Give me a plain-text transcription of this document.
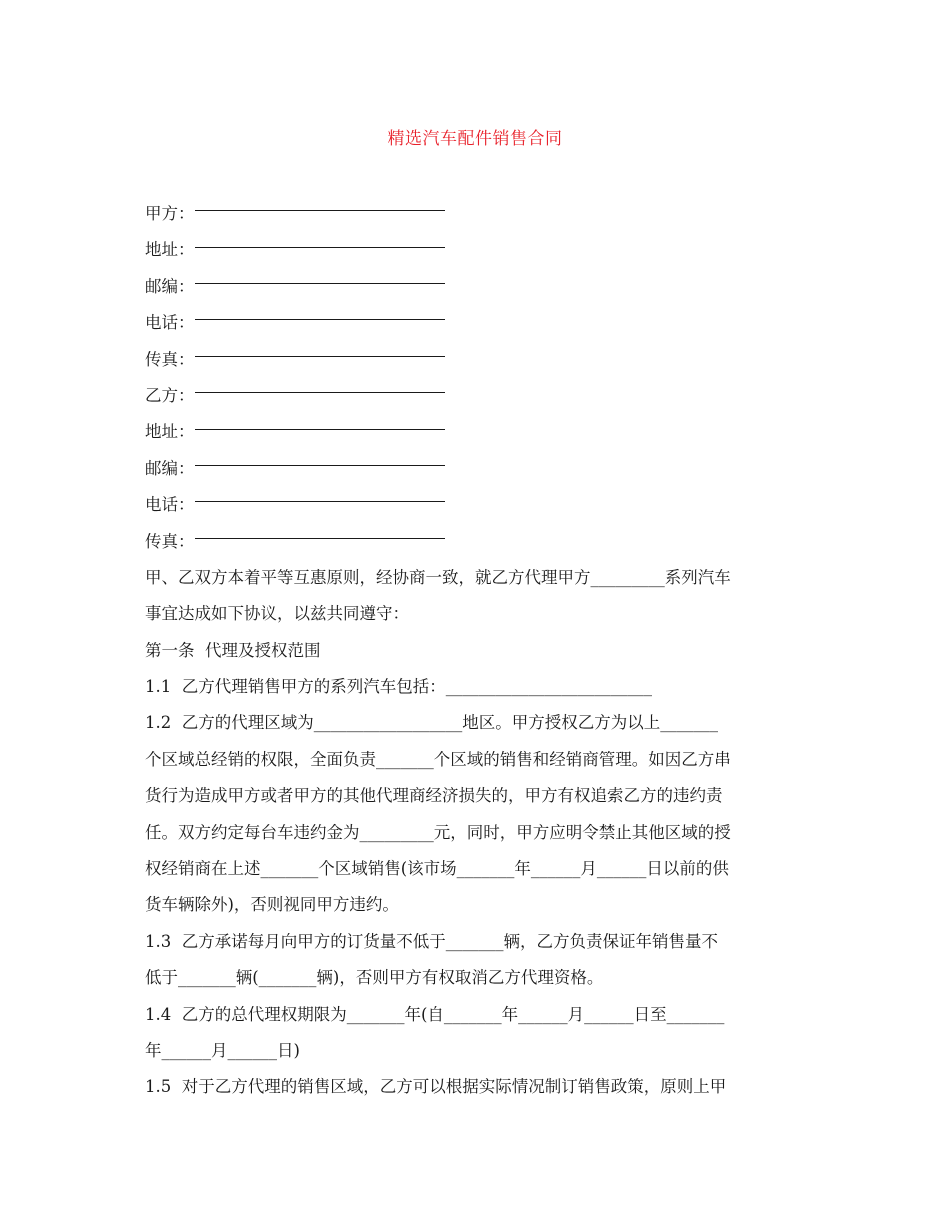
精选汽车配件销售合同
甲方：
地址：
邮编：
电话：
传真：
乙方：
地址：
邮编：
电话：
传真：
甲、乙双方本着平等互惠原则，经协商一致，就乙方代理甲方_________系列汽车
事宜达成如下协议，以兹共同遵守：
第一条  代理及授权范围
1.1  乙方代理销售甲方的系列汽车包括：_________________________
1.2  乙方的代理区域为__________________地区。甲方授权乙方为以上_______
个区域总经销的权限，全面负责_______个区域的销售和经销商管理。如因乙方串
货行为造成甲方或者甲方的其他代理商经济损失的，甲方有权追索乙方的违约责
任。双方约定每台车违约金为_________元，同时，甲方应明令禁止其他区域的授
权经销商在上述_______个区域销售(该市场_______年______月______日以前的供
货车辆除外)，否则视同甲方违约。
1.3  乙方承诺每月向甲方的订货量不低于_______辆，乙方负责保证年销售量不
低于_______辆(_______辆)，否则甲方有权取消乙方代理资格。
1.4  乙方的总代理权期限为_______年(自_______年______月______日至_______
年______月______日)
1.5  对于乙方代理的销售区域，乙方可以根据实际情况制订销售政策，原则上甲
